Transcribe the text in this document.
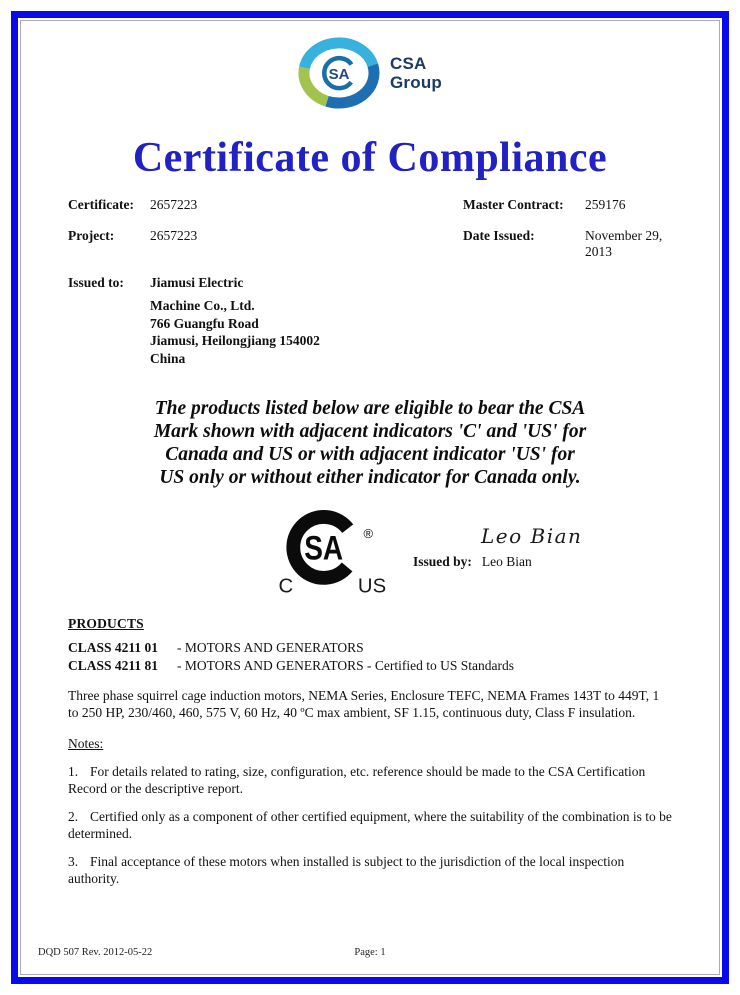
SA
CSA
Group
Certificate of Compliance
Certificate:	2657223	Master Contract:	259176
Project:	2657223	Date Issued:	November 29, 2013
Issued to:	Jiamusi Electric
Machine Co., Ltd.
766 Guangfu Road
Jiamusi, Heilongjiang 154002
China
The products listed below are eligible to bear the CSA
Mark shown with adjacent indicators 'C' and 'US' for
Canada and US or with adjacent indicator 'US' for
US only or without either indicator for Canada only.
SA ®
C	US
Leo Bian
Issued by: Leo Bian
PRODUCTS
CLASS 4211 01	- MOTORS AND GENERATORS
CLASS 4211 81	- MOTORS AND GENERATORS - Certified to US Standards
Three phase squirrel cage induction motors, NEMA Series, Enclosure TEFC, NEMA Frames 143T to 449T, 1 to 250 HP, 230/460, 460, 575 V, 60 Hz, 40 ºC max ambient, SF 1.15, continuous duty, Class F insulation.
Notes:

1. For details related to rating, size, configuration, etc. reference should be made to the CSA Certification Record or the descriptive report.

2. Certified only as a component of other certified equipment, where the suitability of the combination is to be determined.

3. Final acceptance of these motors when installed is subject to the jurisdiction of the local inspection authority.

DQD 507 Rev. 2012-05-22	Page: 1
